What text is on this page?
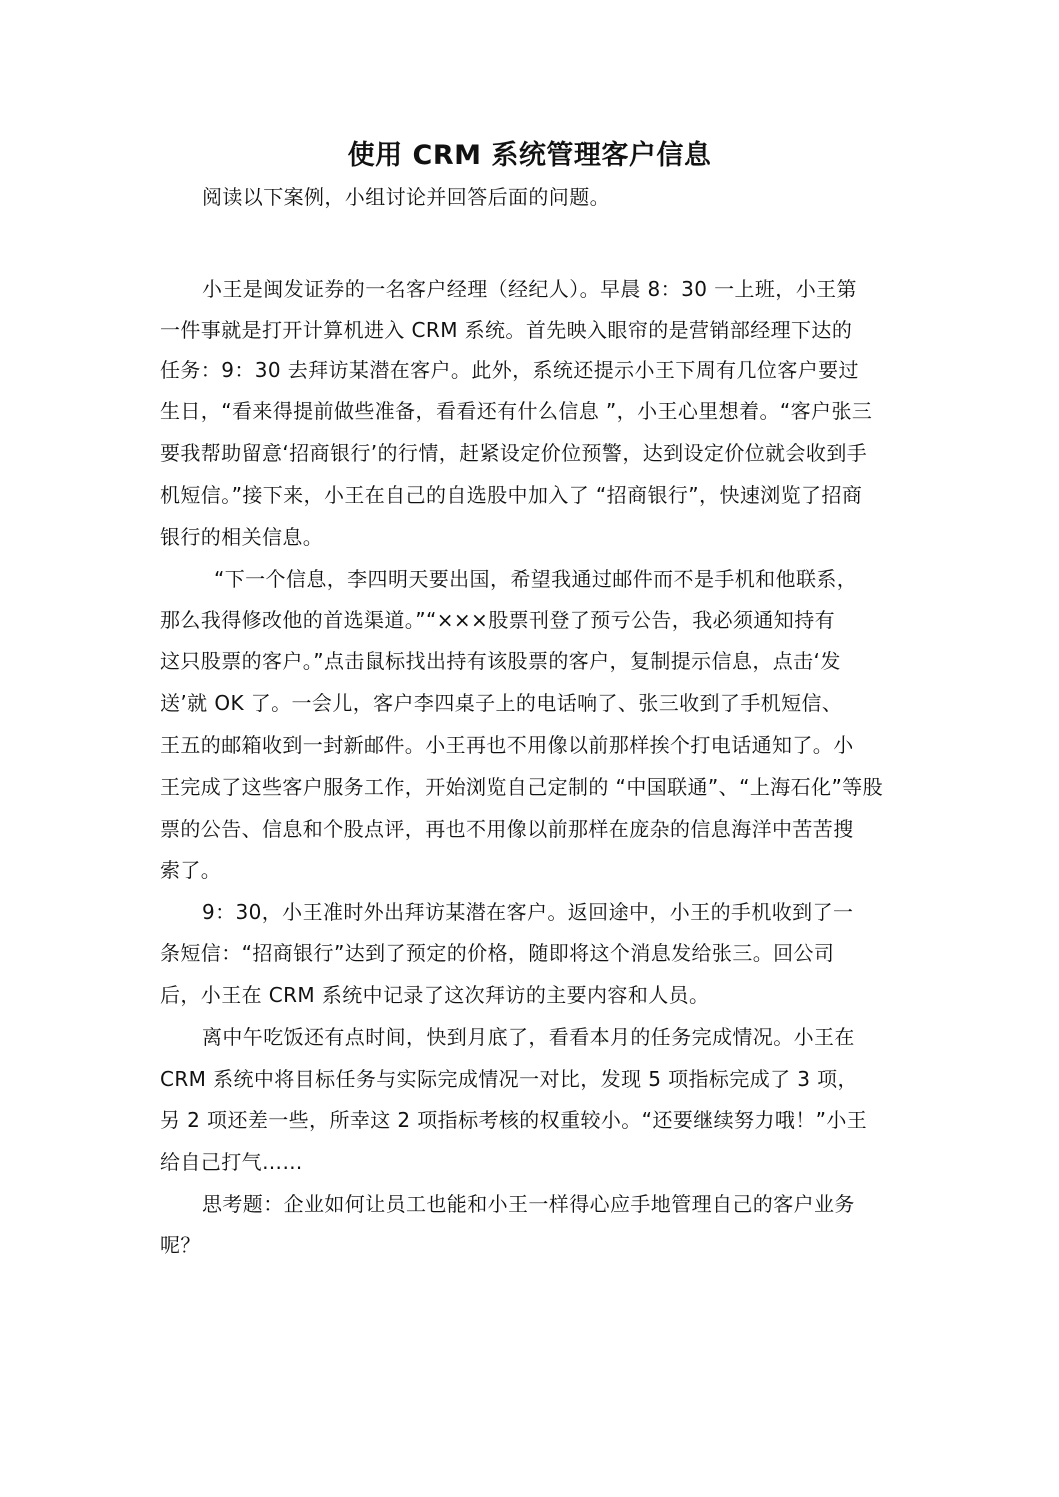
使用 CRM 系统管理客户信息
阅读以下案例，小组讨论并回答后面的问题。
小王是闽发证券的一名客户经理（经纪人）。早晨 8：30 一上班，小王第
一件事就是打开计算机进入 CRM 系统。首先映入眼帘的是营销部经理下达的
任务：9：30 去拜访某潜在客户。此外，系统还提示小王下周有几位客户要过
生日，“看来得提前做些准备，看看还有什么信息 ”，小王心里想着。“客户张三
要我帮助留意‘招商银行’的行情，赶紧设定价位预警，达到设定价位就会收到手
机短信。”接下来，小王在自己的自选股中加入了 “招商银行”，快速浏览了招商
银行的相关信息。
“下一个信息，李四明天要出国，希望我通过邮件而不是手机和他联系，
那么我得修改他的首选渠道。”“×××股票刊登了预亏公告，我必须通知持有
这只股票的客户。”点击鼠标找出持有该股票的客户，复制提示信息，点击‘发
送’就 OK 了。一会儿，客户李四桌子上的电话响了、张三收到了手机短信、
王五的邮箱收到一封新邮件。小王再也不用像以前那样挨个打电话通知了。小
王完成了这些客户服务工作，开始浏览自己定制的 “中国联通”、“上海石化”等股
票的公告、信息和个股点评，再也不用像以前那样在庞杂的信息海洋中苦苦搜
索了。
9：30，小王准时外出拜访某潜在客户。返回途中，小王的手机收到了一
条短信：“招商银行”达到了预定的价格，随即将这个消息发给张三。回公司
后，小王在 CRM 系统中记录了这次拜访的主要内容和人员。
离中午吃饭还有点时间，快到月底了，看看本月的任务完成情况。小王在
CRM 系统中将目标任务与实际完成情况一对比，发现 5 项指标完成了 3 项，
另 2 项还差一些，所幸这 2 项指标考核的权重较小。“还要继续努力哦！”小王
给自己打气……
思考题：企业如何让员工也能和小王一样得心应手地管理自己的客户业务
呢？
